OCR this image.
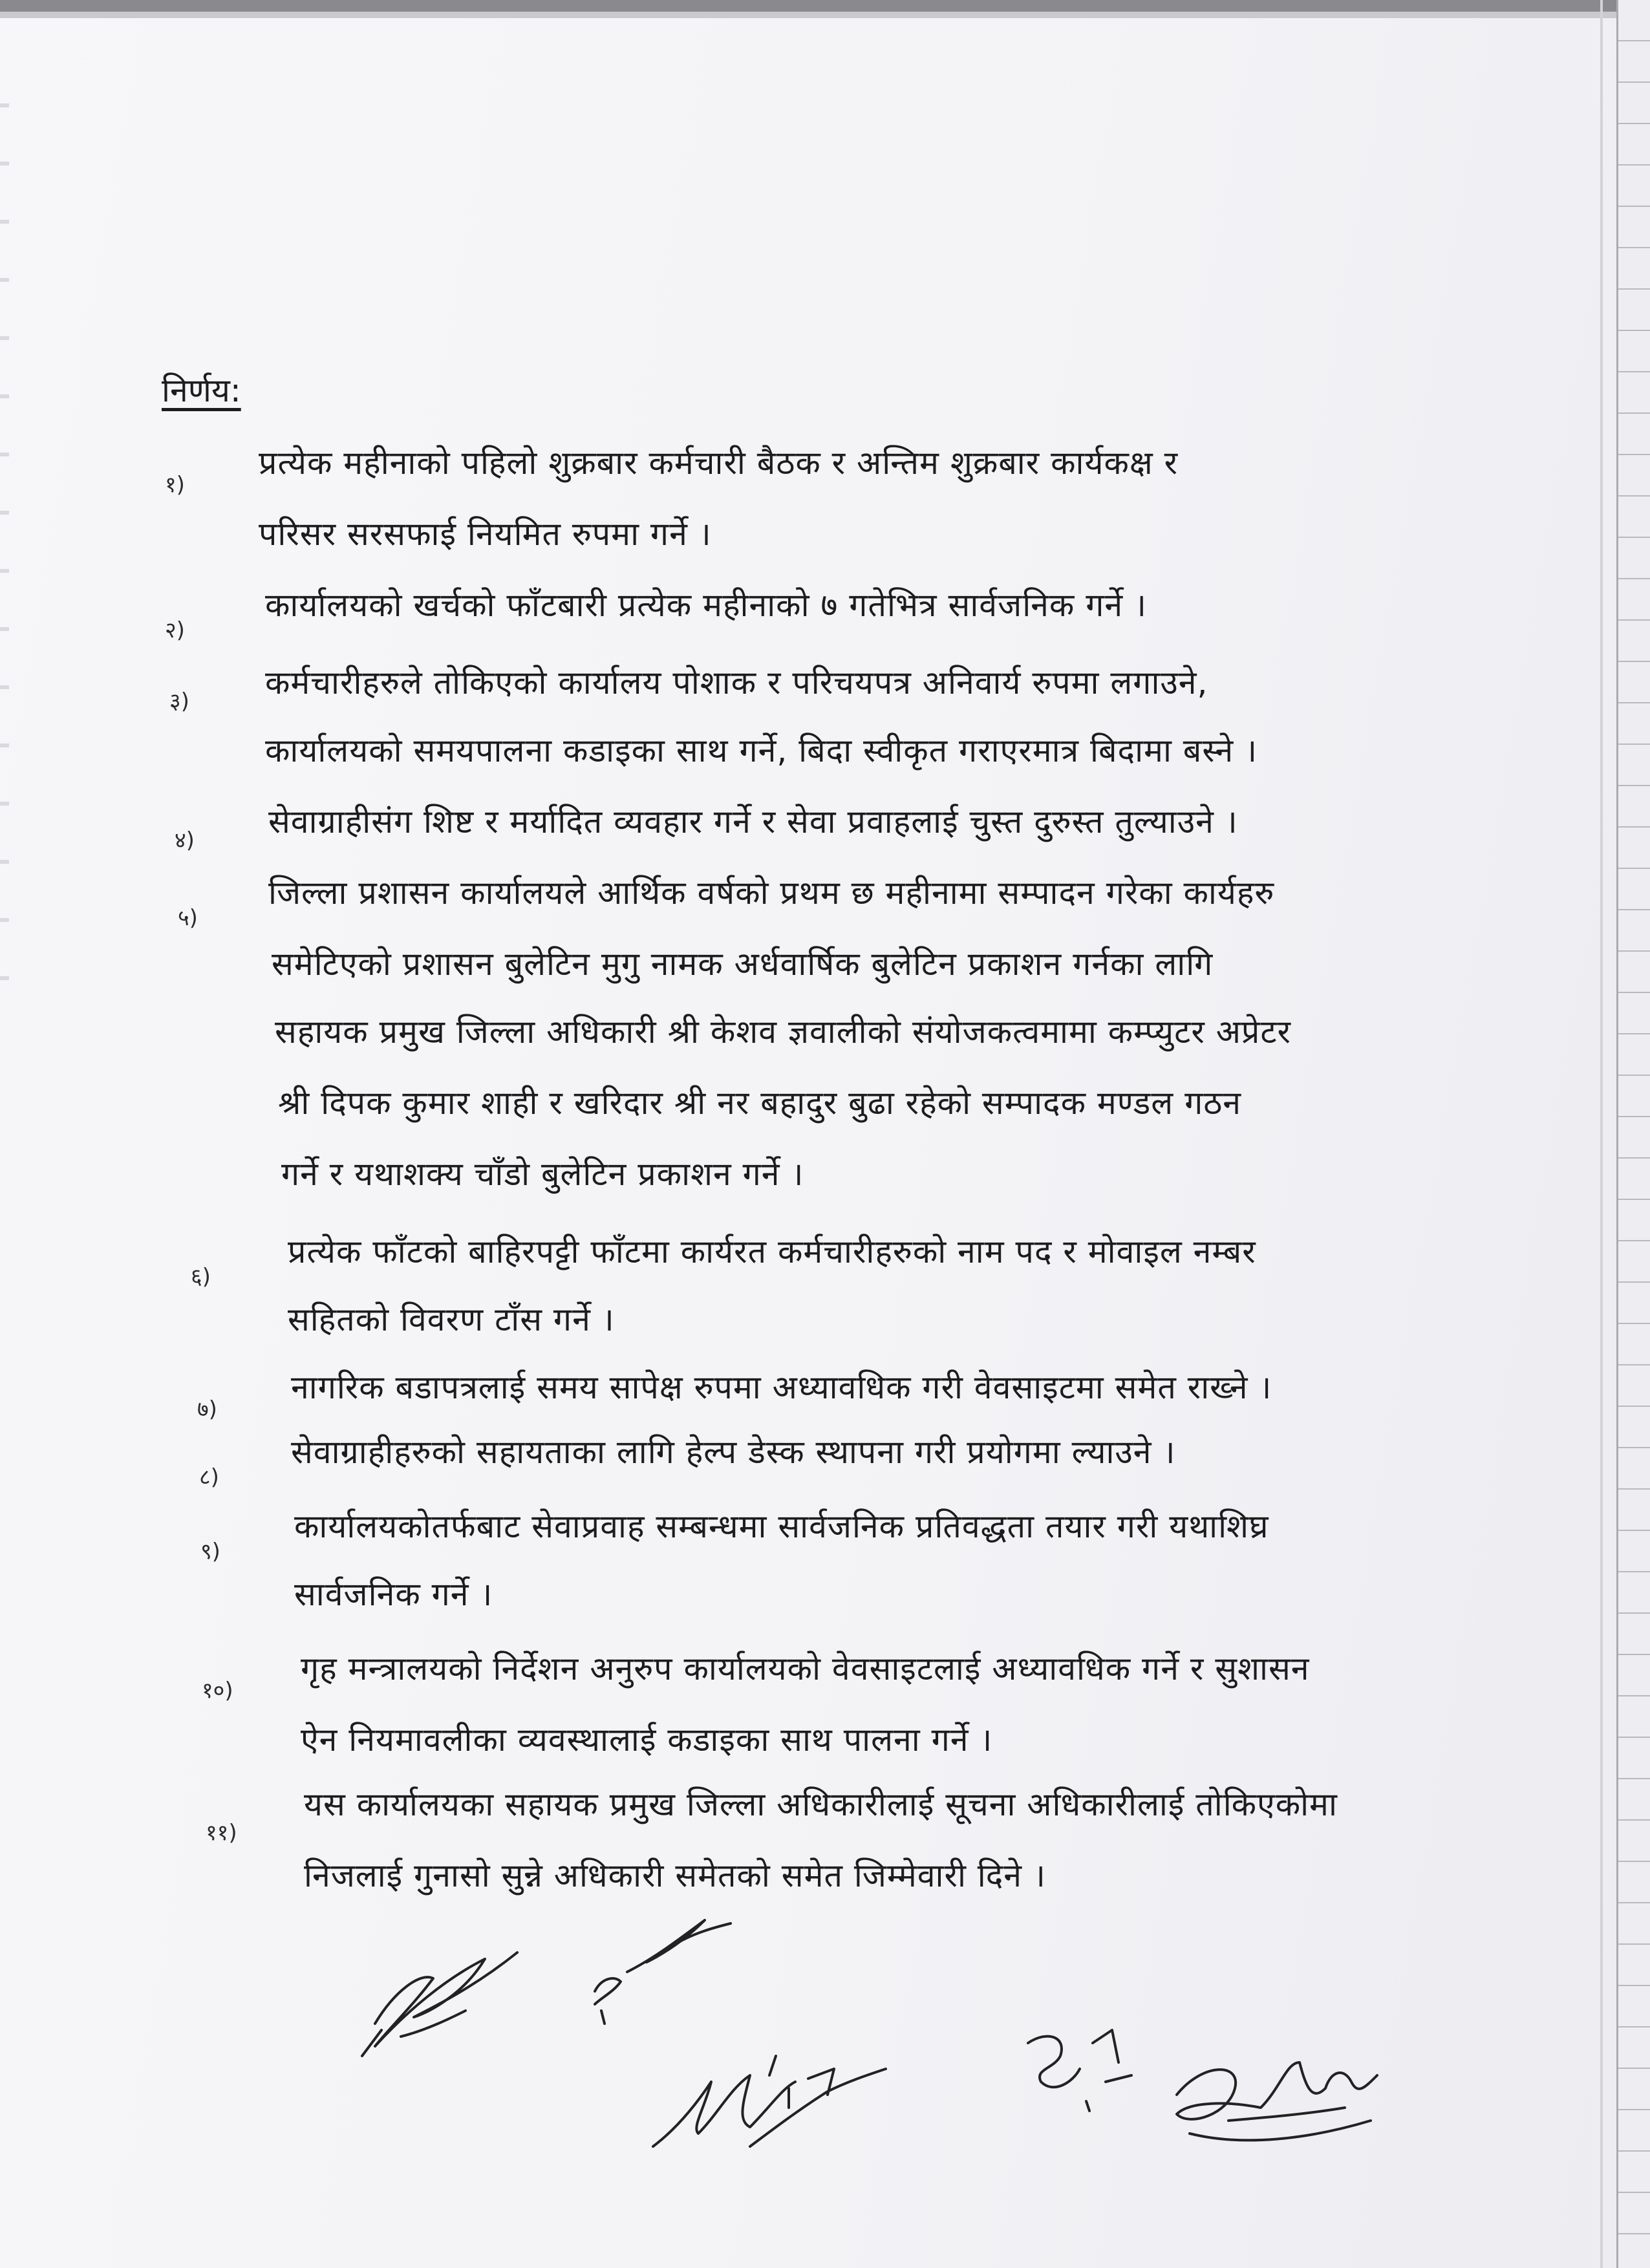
निर्णय:
१)
प्रत्येक महीनाको पहिलो शुक्रबार कर्मचारी बैठक र अन्तिम शुक्रबार कार्यकक्ष र
परिसर सरसफाई नियमित रुपमा गर्ने ।
२)
कार्यालयको खर्चको फाँटबारी प्रत्येक महीनाको ७ गतेभित्र सार्वजनिक गर्ने ।
३) कर्मचारीहरुले तोकिएको कार्यालय पोशाक र परिचयपत्र अनिवार्य रुपमा लगाउने,
कार्यालयको समयपालना कडाइका साथ गर्ने, बिदा स्वीकृत गराएरमात्र बिदामा बस्ने ।
४) सेवाग्राहीसंग शिष्ट र मर्यादित व्यवहार गर्ने र सेवा प्रवाहलाई चुस्त दुरुस्त तुल्याउने ।
५)
जिल्ला प्रशासन कार्यालयले आर्थिक वर्षको प्रथम छ महीनामा सम्पादन गरेका कार्यहरु
समेटिएको प्रशासन बुलेटिन मुगु नामक अर्धवार्षिक बुलेटिन प्रकाशन गर्नका लागि
सहायक प्रमुख जिल्ला अधिकारी श्री केशव ज्ञवालीको संयोजकत्वमामा कम्प्युटर अप्रेटर
श्री दिपक कुमार शाही र खरिदार श्री नर बहादुर बुढा रहेको सम्पादक मण्डल गठन
गर्ने र यथाशक्य चाँडो बुलेटिन प्रकाशन गर्ने ।
६)
प्रत्येक फाँटको बाहिरपट्टी फाँटमा कार्यरत कर्मचारीहरुको नाम पद र मोवाइल नम्बर
सहितको विवरण टाँस गर्ने ।
७)
नागरिक बडापत्रलाई समय सापेक्ष रुपमा अध्यावधिक गरी वेवसाइटमा समेत राख्ने ।
८)
सेवाग्राहीहरुको सहायताका लागि हेल्प डेस्क स्थापना गरी प्रयोगमा ल्याउने ।
९)
कार्यालयकोतर्फबाट सेवाप्रवाह सम्बन्धमा सार्वजनिक प्रतिवद्धता तयार गरी यथाशिघ्र
सार्वजनिक गर्ने ।
१०)
गृह मन्त्रालयको निर्देशन अनुरुप कार्यालयको वेवसाइटलाई अध्यावधिक गर्ने र सुशासन
ऐन नियमावलीका व्यवस्थालाई कडाइका साथ पालना गर्ने ।
११)
यस कार्यालयका सहायक प्रमुख जिल्ला अधिकारीलाई सूचना अधिकारीलाई तोकिएकोमा
निजलाई गुनासो सुन्ने अधिकारी समेतको समेत जिम्मेवारी दिने ।
